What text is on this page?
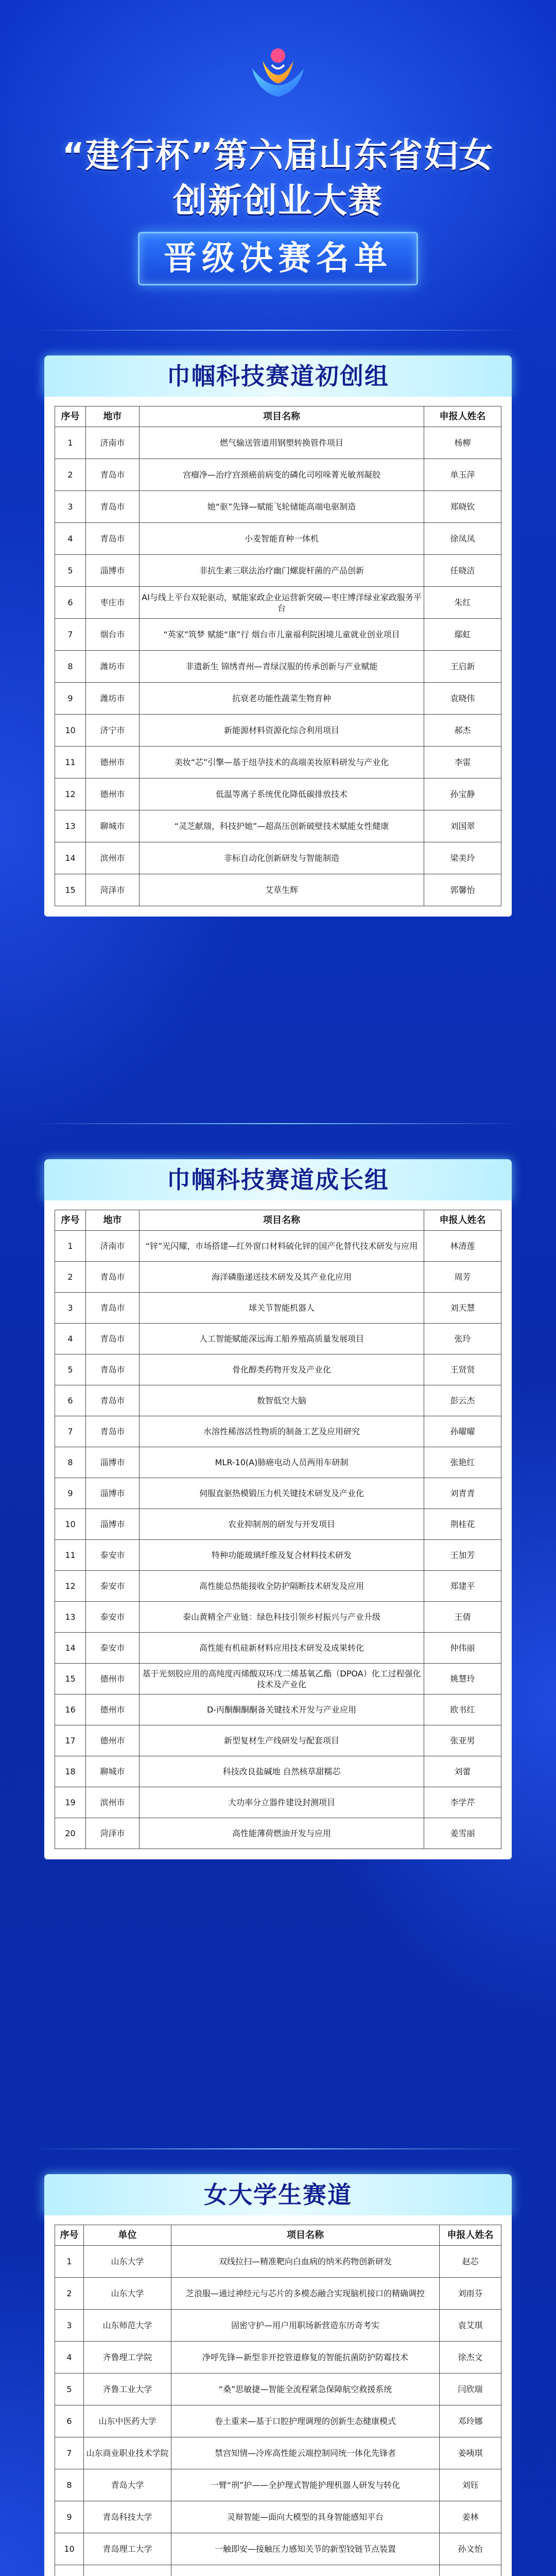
“建行杯”第六届山东省妇女
创新创业大赛
晋级决赛名单
巾帼科技赛道初创组
序号	地市	项目名称	申报人姓名
1	济南市	燃气输送管道用钢塑转换管件项目	杨柳
2	青岛市	宫瘤净—治疗宫颈癌前病变的磷化司吲哚菁光敏剂凝胶	单玉萍
3	青岛市	她“驱”先锋—赋能飞轮储能高端电驱制造	郑晓钦
4	青岛市	小麦智能育种一体机	徐凤凤
5	淄博市	非抗生素三联法治疗幽门螺旋杆菌的产品创新	任晓洁
6	枣庄市	AI与线上平台双轮驱动，赋能家政企业运营新突破—枣庄博洋绿业家政服务平台	朱红
7	烟台市	“英家”筑梦 赋能“康”行 烟台市儿童福利院困境儿童就业创业项目	鄢虹
8	潍坊市	非遗新生 锦绣青州—青绿汉服的传承创新与产业赋能	王启新
9	潍坊市	抗衰老功能性蔬菜生物育种	袁晓伟
10	济宁市	新能源材料资源化综合利用项目	郝杰
11	德州市	美妆“芯”引擎—基于纽孕技术的高端美妆原料研发与产业化	李雷
12	德州市	低温等离子系统优化降低碳排放技术	孙宝静
13	聊城市	“灵芝献瑞，科技护她”—超高压创新破壁技术赋能女性健康	刘国翠
14	滨州市	非标自动化创新研发与智能制造	梁美玲
15	菏泽市	艾草生辉	郭馨怡
巾帼科技赛道成长组
序号	地市	项目名称	申报人姓名
1	济南市	“锌”光闪耀，市场搭建—红外窗口材料硫化锌的国产化替代技术研发与应用	林清莲
2	青岛市	海洋磷脂递送技术研发及其产业化应用	周芳
3	青岛市	球关节智能机器人	刘天慧
4	青岛市	人工智能赋能深远海工船养殖高质量发展项目	张玲
5	青岛市	骨化醇类药物开发及产业化	王贤贤
6	青岛市	数智低空大脑	彭云杰
7	青岛市	水溶性稀溶活性物质的制备工艺及应用研究	孙曜曜
8	淄博市	MLR-10(A)肺癌电动人员两用车研制	张艳红
9	淄博市	伺服直驱热模锻压力机关键技术研发及产业化	刘青青
10	淄博市	农业抑制剂的研发与开发项目	荆桂花
11	泰安市	特种功能玻璃纤维及复合材料技术研发	王加芳
12	泰安市	高性能总热能接收全防护隔断技术研发及应用	郑建平
13	泰安市	泰山黄精全产业链：绿色科技引领乡村振兴与产业升级	王倩
14	泰安市	高性能有机硅新材料应用技术研发及成果转化	仲伟丽
15	德州市	基于光刻胶应用的高纯度丙烯酸双环戊二烯基氧乙酯（DPOA）化工过程强化技术及产业化	姚慧玲
16	德州市	D-丙酮酮酮酮备关键技术开发与产业应用	欧书红
17	德州市	新型复材生产线研发与配套项目	张亚男
18	聊城市	科技改良盐碱地 自然核草甜糯芯	刘蕾
19	滨州市	大功率分立器件建设封测项目	李学芹
20	菏泽市	高性能薄荷燃油开发与应用	姜雪丽
女大学生赛道
序号	单位	项目名称	申报人姓名
1	山东大学	双线拉扫—精准靶向白血病的纳米药物创新研发	赵芯
2	山东大学	芝浪服—通过神经元与芯片的多模态融合实现脑机接口的精确调控	刘雨芬
3	山东师范大学	固密守护—用户用职场新营造东历奇考实	袁艾琪
4	齐鲁理工学院	净呼先锋—新型非开挖管道修复的智能抗菌防护防霉技术	徐杰文
5	齐鲁工业大学	“桑”思敏捷—智能全流程紧急保障航空救援系统	闫欣瑞
6	山东中医药大学	卷土重来—基于口腔护理调理的创新生态健康模式	邓玲娜
7	山东商业职业技术学院	禁宫知情—冷库高性能云端控制同统一体化先锋者	姜咦琪
8	青岛大学	一臂“刑”护——全护理式智能护理机器人研发与转化	刘钰
9	青岛科技大学	灵辩智能—面向大模型的具身智能感知平台	姜林
10	青岛理工大学	一触即安—接触压力感知关节的新型铰链节点装置	孙文怡
